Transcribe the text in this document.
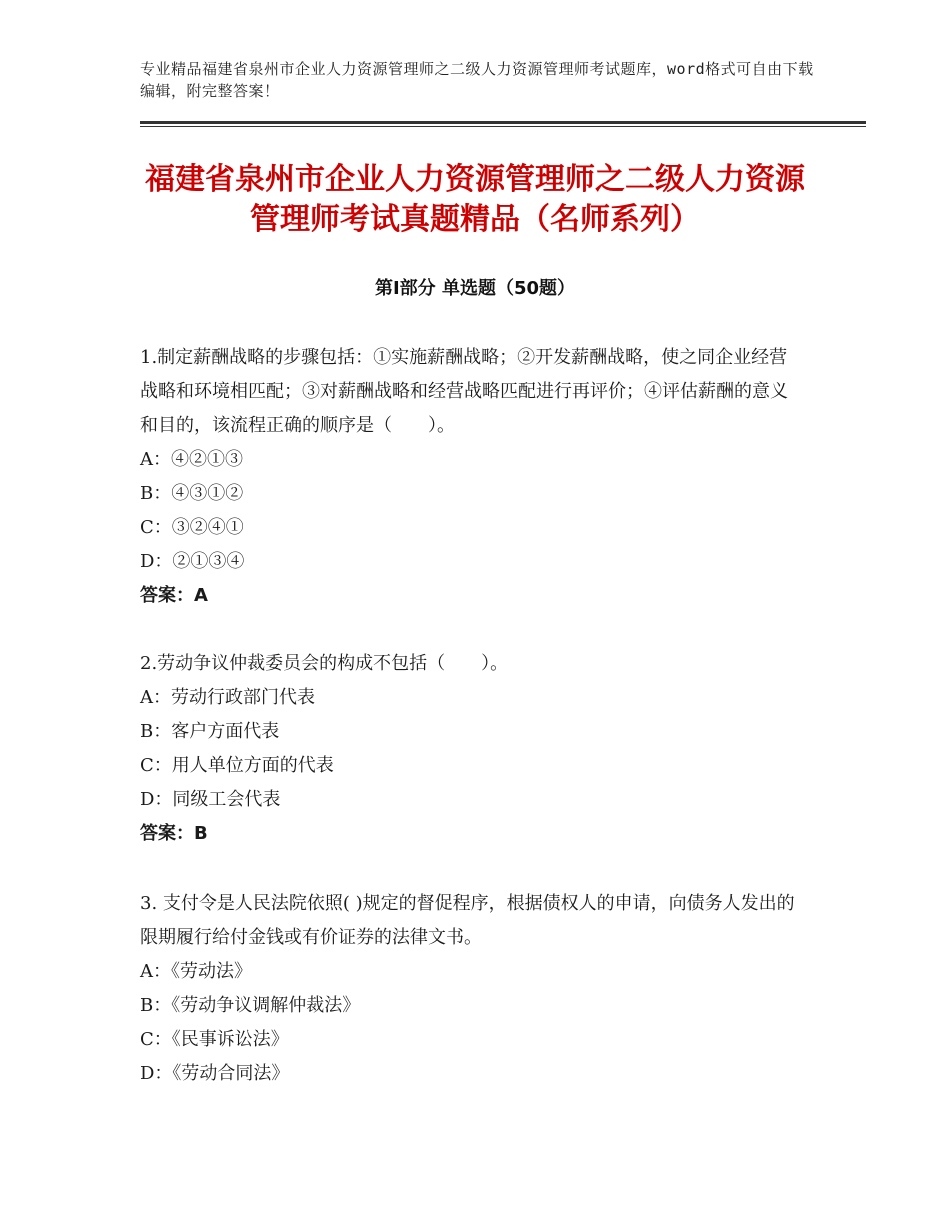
专业精品福建省泉州市企业人力资源管理师之二级人力资源管理师考试题库，word格式可自由下载编辑，附完整答案！
福建省泉州市企业人力资源管理师之二级人力资源管理师考试真题精品（名师系列）
第Ⅰ部分 单选题（50题）

1.制定薪酬战略的步骤包括：①实施薪酬战略；②开发薪酬战略，使之同企业经营战略和环境相匹配；③对薪酬战略和经营战略匹配进行再评价；④评估薪酬的意义和目的，该流程正确的顺序是（　　）。

A：④②①③

B：④③①②

C：③②④①

D：②①③④

答案：A

2.劳动争议仲裁委员会的构成不包括（　　）。

A：劳动行政部门代表

B：客户方面代表

C：用人单位方面的代表

D：同级工会代表

答案：B

3. 支付令是人民法院依照( )规定的督促程序，根据债权人的申请，向债务人发出的限期履行给付金钱或有价证券的法律文书。

A：《劳动法》

B：《劳动争议调解仲裁法》

C：《民事诉讼法》

D：《劳动合同法》
